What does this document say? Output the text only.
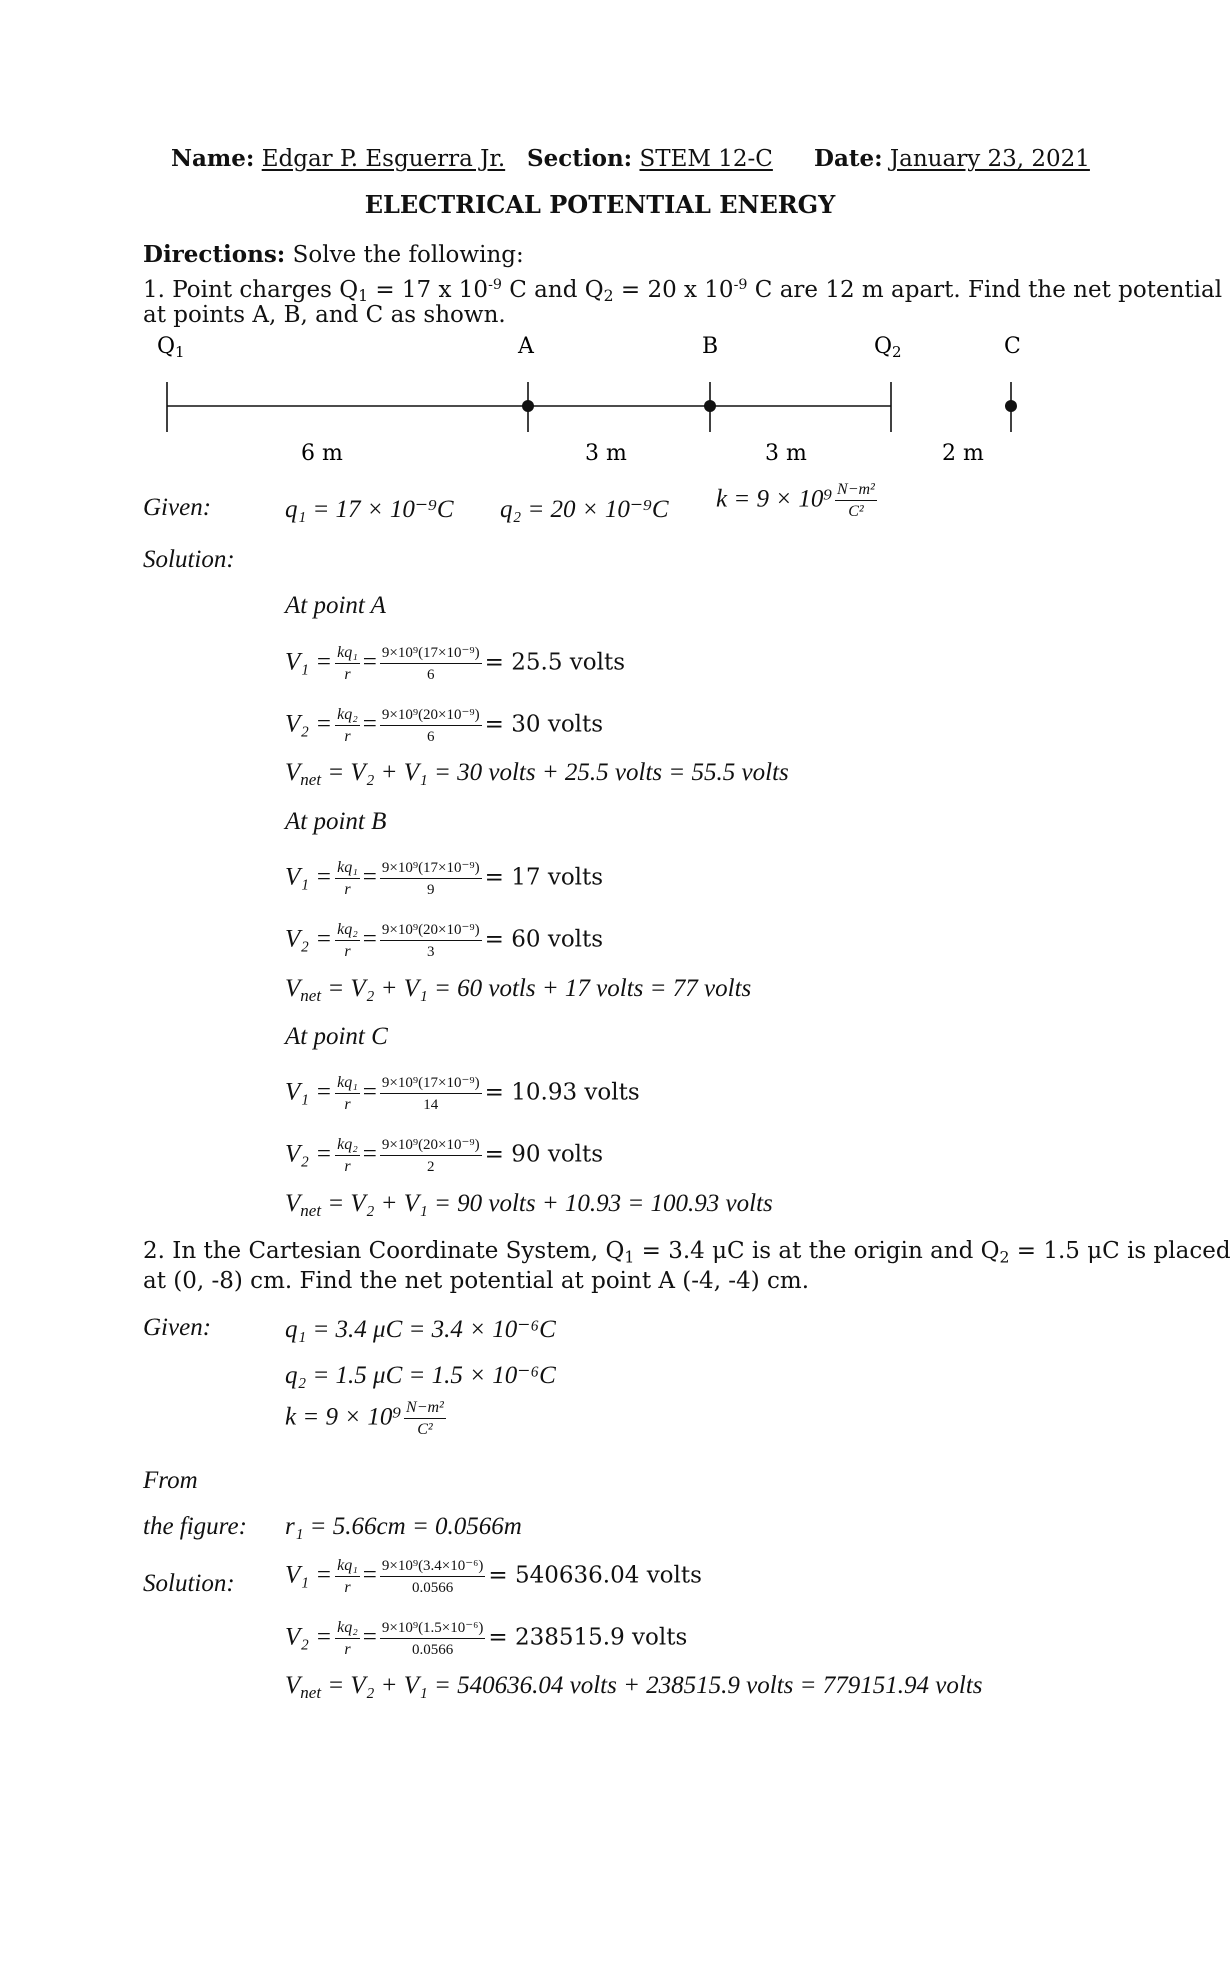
Name: Edgar P. Esguerra Jr. Section: STEM 12-C Date: January 23, 2021
ELECTRICAL POTENTIAL ENERGY
Directions: Solve the following:
1. Point charges $Q_1 = 17$ x $10^{-9}$ C and $Q_2 = 20$ x $10^{-9}$ C are 12 m apart. Find the net potential
at points A, B, and C as shown.
Q1	A	B	Q2	C
6 m	3 m	3 m	2 m
Given:	q₁ = 17 × 10⁻⁹C q₂ = 20 × 10⁻⁹C $k = 9 \times 10^9 \frac{\text{N−m²}}{\text{C²}}$
Solution:
At point A
$V_1 = \frac{\text{kq₁}}{r} = \frac{\text{9×10⁹(17×10⁻⁹)}}{6} = 25.5$ volts
$V_2 = \frac{\text{kq₂}}{r} = \frac{\text{9×10⁹(20×10⁻⁹)}}{6} = 30$ volts
$V_{net} = V_2 + V_1 = 30$ volts + 25.5 volts = 55.5 volts
At point B
$V_1 = \frac{\text{kq₁}}{r} = \frac{\text{9×10⁹(17×10⁻⁹)}}{9} = 17$ volts
$V_2 = \frac{\text{kq₂}}{r} = \frac{\text{9×10⁹(20×10⁻⁹)}}{3} = 60$ volts
$V_{net} = V_2 + V_1 = 60$ votls + 17 volts = 77 volts
At point C
$V_1 = \frac{\text{kq₁}}{r} = \frac{\text{9×10⁹(17×10⁻⁹)}}{14} = 10.93$ volts
$V_2 = \frac{\text{kq₂}}{r} = \frac{\text{9×10⁹(20×10⁻⁹)}}{2} = 90$ volts
$V_{net} = V_2 + V_1 = 90$ volts + 10.93 = 100.93 volts
2. In the Cartesian Coordinate System, $Q_1 = 3.4$ μC is at the origin and $Q_2 = 1.5$ μC is placed
at (0, -8) cm. Find the net potential at point A (-4, -4) cm.
Given:	q₁ = 3.4 μC = 3.4 × 10⁻⁶C
q₂ = 1.5 μC = 1.5 × 10⁻⁶C
$k = 9 \times 10^9 \frac{\text{N−m²}}{\text{C²}}$
From
the figure: r₁ = 5.66cm = 0.0566m
Solution: $V_1 = \frac{\text{kq₁}}{r} = \frac{\text{9×10⁹(3.4×10⁻⁶)}}{0.0566} = 540636.04$ volts
$V_2 = \frac{\text{kq₂}}{r} = \frac{\text{9×10⁹(1.5×10⁻⁶)}}{0.0566} = 238515.9$ volts
$V_{net} = V_2 + V_1 = 540636.04$ volts + 238515.9 volts = 779151.94 volts
